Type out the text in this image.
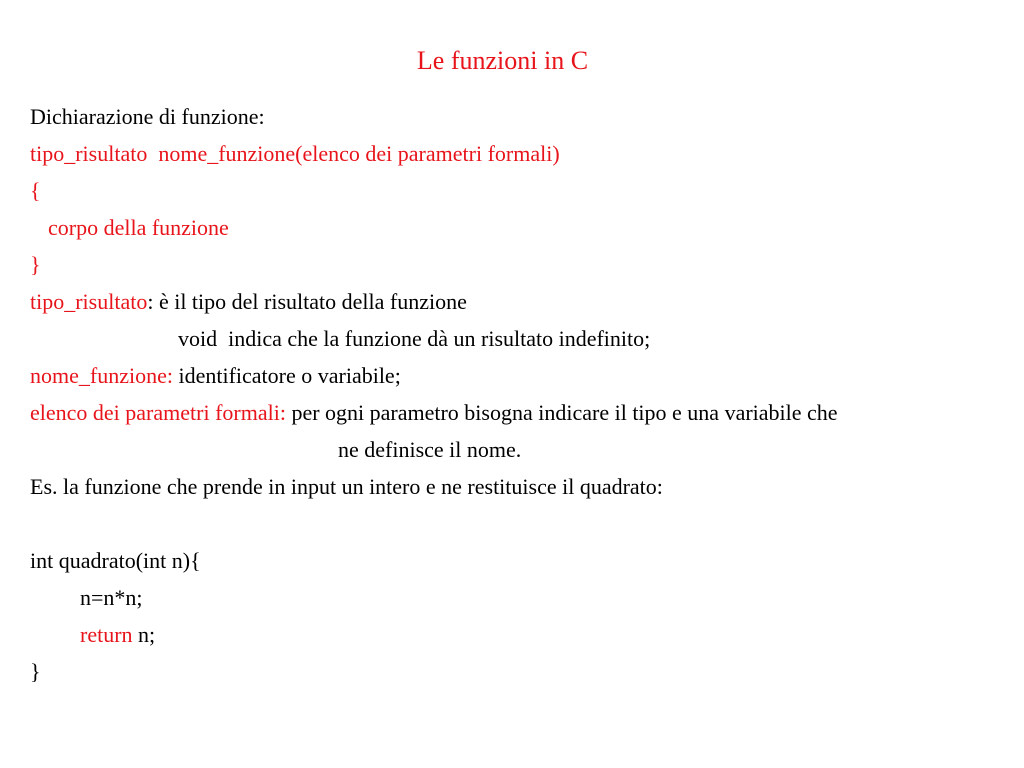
Le funzioni in C
Dichiarazione di funzione:
tipo_risultato  nome_funzione(elenco dei parametri formali)
{
corpo della funzione
}
tipo_risultato: è il tipo del risultato della funzione
void  indica che la funzione dà un risultato indefinito;
nome_funzione: identificatore o variabile;
elenco dei parametri formali: per ogni parametro bisogna indicare il tipo e una variabile che
ne definisce il nome.
Es. la funzione che prende in input un intero e ne restituisce il quadrato:
int quadrato(int n){
n=n*n;
return n;
}
